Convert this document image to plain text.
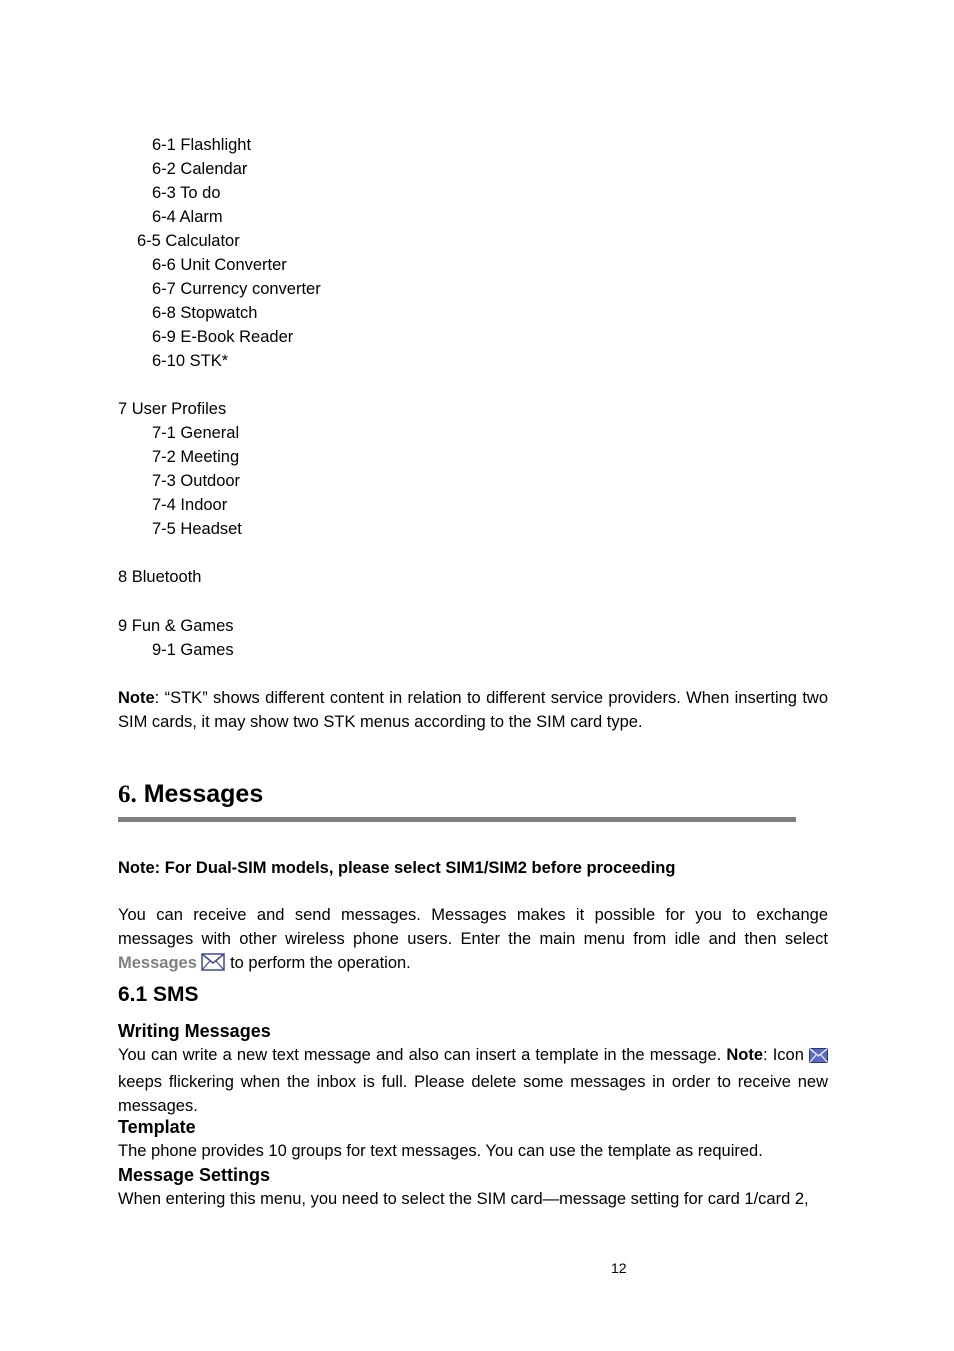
6-1 Flashlight
6-2 Calendar
6-3 To do
6-4 Alarm
6-5 Calculator
6-6 Unit Converter
6-7 Currency converter
6-8 Stopwatch
6-9 E-Book Reader
6-10 STK*
7 User Profiles
7-1 General
7-2 Meeting
7-3 Outdoor
7-4 Indoor
7-5 Headset
8 Bluetooth
9 Fun & Games
9-1 Games

Note: “STK” shows different content in relation to different service providers. When inserting two SIM cards, it may show two STK menus according to the SIM card type.

6. Messages
Note: For Dual-SIM models, please select SIM1/SIM2 before proceeding

You can receive and send messages. Messages makes it possible for you to exchange messages with other wireless phone users. Enter the main menu from idle and then select Messages to perform the operation.

6.1 SMS
Writing Messages

You can write a new text message and also can insert a template in the message. Note: Icon  keeps flickering when the inbox is full. Please delete some messages in order to receive new messages.

Template
The phone provides 10 groups for text messages. You can use the template as required.
Message Settings
When entering this menu, you need to select the SIM card—message setting for card 1/card 2,
12
